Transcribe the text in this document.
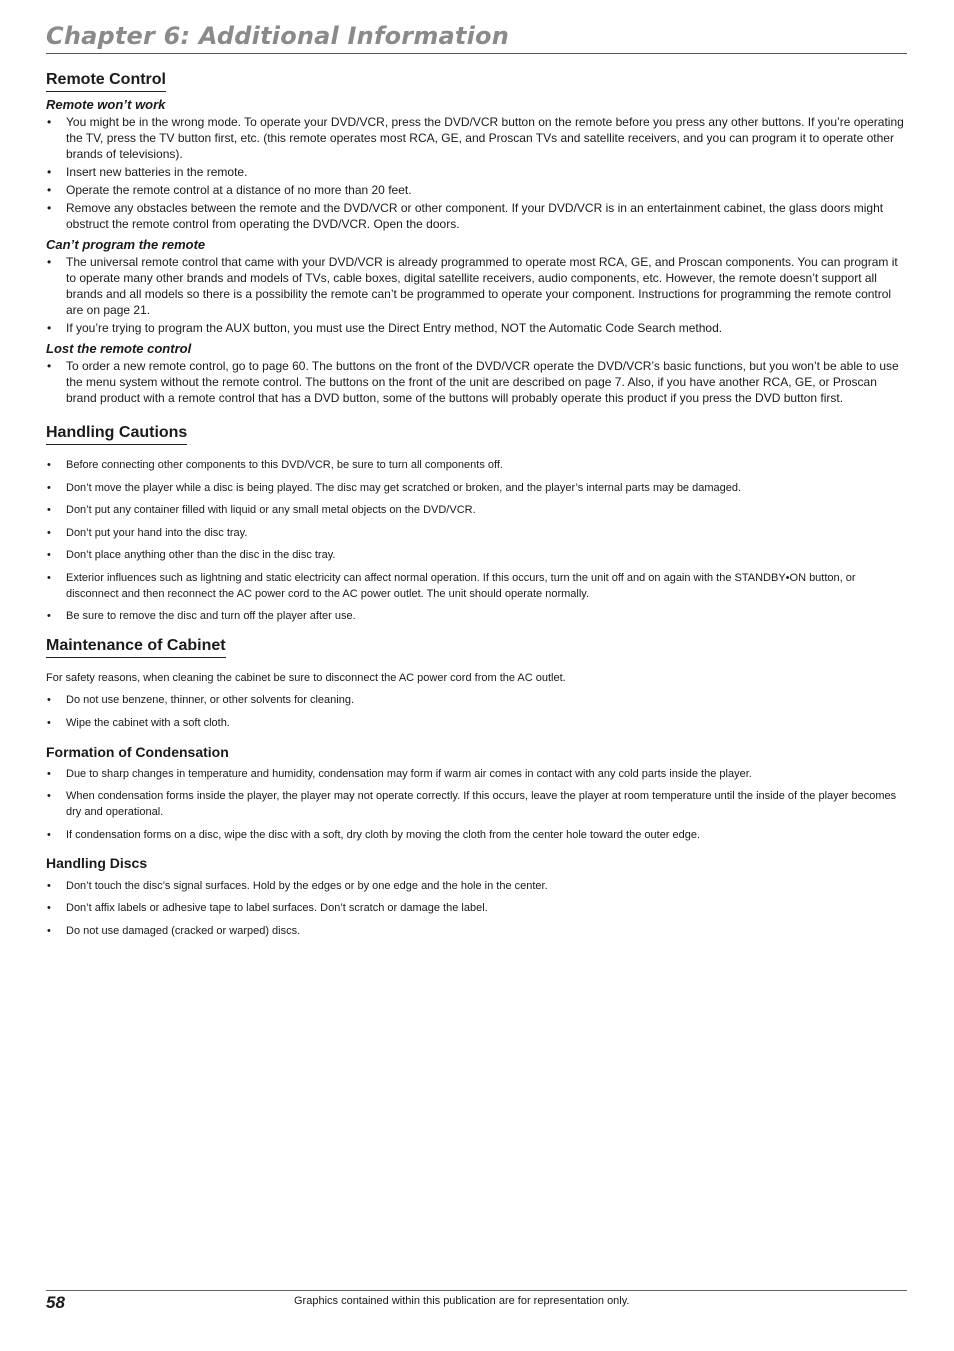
Chapter 6: Additional Information
Remote Control
Remote won’t work
• You might be in the wrong mode. To operate your DVD/VCR, press the DVD/VCR button on the remote before you press any other buttons. If you’re operating the TV, press the TV button first, etc. (this remote operates most RCA, GE, and Proscan TVs and satellite receivers, and you can program it to operate other brands of televisions).
• Insert new batteries in the remote.
• Operate the remote control at a distance of no more than 20 feet.
• Remove any obstacles between the remote and the DVD/VCR or other component. If your DVD/VCR is in an entertainment cabinet, the glass doors might obstruct the remote control from operating the DVD/VCR. Open the doors.
Can’t program the remote
• The universal remote control that came with your DVD/VCR is already programmed to operate most RCA, GE, and Proscan components. You can program it to operate many other brands and models of TVs, cable boxes, digital satellite receivers, audio components, etc. However, the remote doesn’t support all brands and all models so there is a possibility the remote can’t be programmed to operate your component. Instructions for programming the remote control are on page 21.
• If you’re trying to program the AUX button, you must use the Direct Entry method, NOT the Automatic Code Search method.
Lost the remote control
• To order a new remote control, go to page 60. The buttons on the front of the DVD/VCR operate the DVD/VCR’s basic functions, but you won’t be able to use the menu system without the remote control. The buttons on the front of the unit are described on page 7. Also, if you have another RCA, GE, or Proscan brand product with a remote control that has a DVD button, some of the buttons will probably operate this product if you press the DVD button first.
Handling Cautions
• Before connecting other components to this DVD/VCR, be sure to turn all components off.
• Don’t move the player while a disc is being played. The disc may get scratched or broken, and the player’s internal parts may be damaged.
• Don’t put any container filled with liquid or any small metal objects on the DVD/VCR.
• Don’t put your hand into the disc tray.
• Don’t place anything other than the disc in the disc tray.
• Exterior influences such as lightning and static electricity can affect normal operation. If this occurs, turn the unit off and on again with the STANDBY•ON button, or disconnect and then reconnect the AC power cord to the AC power outlet. The unit should operate normally.
• Be sure to remove the disc and turn off the player after use.
Maintenance of Cabinet

For safety reasons, when cleaning the cabinet be sure to disconnect the AC power cord from the AC outlet.

• Do not use benzene, thinner, or other solvents for cleaning.
• Wipe the cabinet with a soft cloth.
Formation of Condensation
• Due to sharp changes in temperature and humidity, condensation may form if warm air comes in contact with any cold parts inside the player.
• When condensation forms inside the player, the player may not operate correctly. If this occurs, leave the player at room temperature until the inside of the player becomes dry and operational.
• If condensation forms on a disc, wipe the disc with a soft, dry cloth by moving the cloth from the center hole toward the outer edge.
Handling Discs
• Don’t touch the disc’s signal surfaces. Hold by the edges or by one edge and the hole in the center.
• Don’t affix labels or adhesive tape to label surfaces. Don’t scratch or damage the label.
• Do not use damaged (cracked or warped) discs.

58	Graphics contained within this publication are for representation only.
